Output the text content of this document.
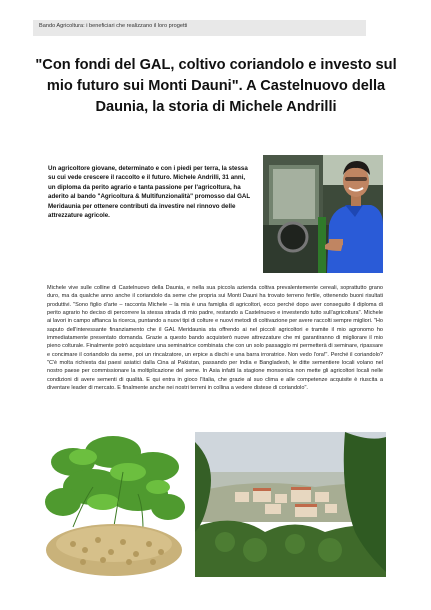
Bando Agricoltura: i beneficiari che realizzano il loro progetti
"Con fondi del GAL, coltivo coriandolo e investo sul mio futuro sui Monti Dauni". A Castelnuovo della Daunia, la storia di Michele Andrilli
Un agricoltore giovane, determinato e con i piedi per terra, la stessa su cui vede crescere il raccolto e il futuro. Michele Andrilli, 31 anni, un diploma da perito agrario e tanta passione per l'agricoltura, ha aderito al bando "Agricoltura & Multifunzionalità" promosso dal GAL Meridaunia per ottenere contributi da investire nel rinnovo delle attrezzature agricole.
Michele vive sulle colline di Castelnuovo della Daunia, e nella sua piccola azienda coltiva prevalentemente cereali, soprattutto grano duro, ma da qualche anno anche il coriandolo da seme che propria sui Monti Dauni ha trovato terreno fertile, ottenendo buoni risultati produttivi. "Sono figlio d'arte – racconta Michele – la mia è una famiglia di agricoltori, ecco perché dopo aver conseguito il diploma di perito agrario ho deciso di percorrere la stessa strada di mio padre, restando a Castelnuovo e investendo tutto sull'agricoltura". Michele ai lavori in campo affianca la ricerca, puntando a nuovi tipi di colture e nuovi metodi di coltivazione per avere raccolti sempre migliori. "Ho saputo dell'interessante finanziamento che il GAL Meridaunia sta offrendo ai nel piccoli agricoltori e tramite il mio agronomo ho immediatamente presentato domanda. Grazie a questo bando acquisterò nuove attrezzature che mi garantiranno di migliorare il mio pieno colturale. Finalmente potrò acquistare una seminatrice combinata che con un solo passaggio mi permetterà di seminare, ripassare e concimare il coriandolo da seme, poi un rincalzatore, un erpice a dischi e una barra irroratrice. Non vedo l'ora!". Perché il coriandolo? "C'è molta richiesta dai paesi asiatici dalla Cina al Pakistan, passando per India e Bangladesh, le ditte sementiere locali volano nel nostro paese per commissionare la moltiplicazione del seme. In Asia infatti la stagione monsonica non mette gli agricoltori locali nelle condizioni di avere sementi di qualità. E qui entra in gioco l'Italia, che grazie al suo clima e alle competenze acquisite è riuscita a diventare leader di mercato. E finalmente anche nei nostri terreni in collina a vedere distese di coriandolo".
